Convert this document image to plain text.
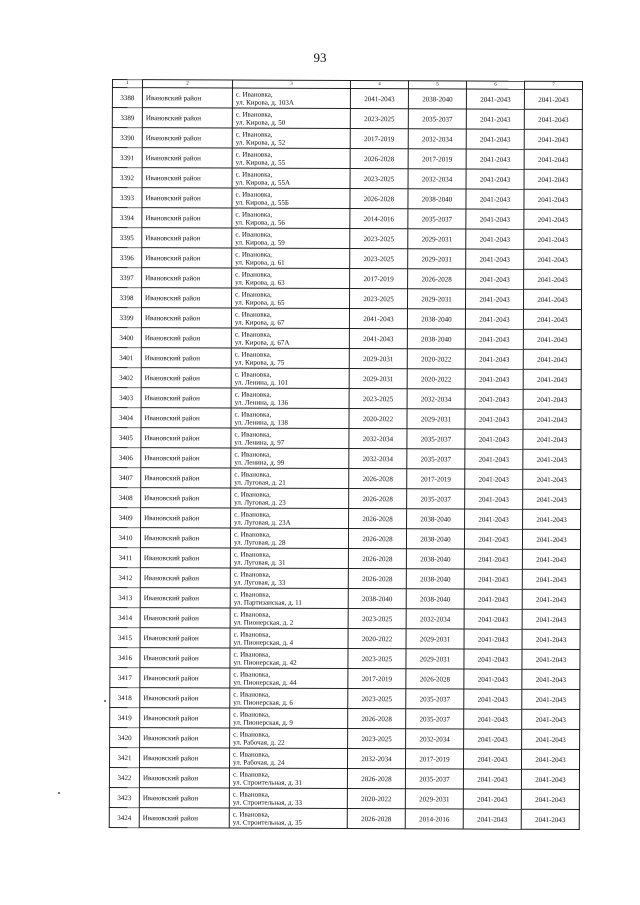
93
1	2	3	4	5	6	7
3388	Ивановский район	с. Ивановка,
ул. Кирова, д. 103А	2041-2043	2038-2040	2041-2043	2041-2043
3389	Ивановский район	с. Ивановка,
ул. Кирова, д. 50	2023-2025	2035-2037	2041-2043	2041-2043
3390	Ивановский район	с. Ивановка,
ул. Кирова, д. 52	2017-2019	2032-2034	2041-2043	2041-2043
3391	Ивановский район	с. Ивановка,
ул. Кирова, д. 55	2026-2028	2017-2019	2041-2043	2041-2043
3392	Ивановский район	с. Ивановка,
ул. Кирова, д. 55А	2023-2025	2032-2034	2041-2043	2041-2043
3393	Ивановский район	с. Ивановка,
ул. Кирова, д. 55Б	2026-2028	2038-2040	2041-2043	2041-2043
3394	Ивановский район	с. Ивановка,
ул. Кирова, д. 56	2014-2016	2035-2037	2041-2043	2041-2043
3395	Ивановский район	с. Ивановка,
ул. Кирова, д. 59	2023-2025	2029-2031	2041-2043	2041-2043
3396	Ивановский район	с. Ивановка,
ул. Кирова, д. 61	2023-2025	2029-2031	2041-2043	2041-2043
3397	Ивановский район	с. Ивановка,
ул. Кирова, д. 63	2017-2019	2026-2028	2041-2043	2041-2043
3398	Ивановский район	с. Ивановка,
ул. Кирова, д. 65	2023-2025	2029-2031	2041-2043	2041-2043
3399	Ивановский район	с. Ивановка,
ул. Кирова, д. 67	2041-2043	2038-2040	2041-2043	2041-2043
3400	Ивановский район	с. Ивановка,
ул. Кирова, д. 67А	2041-2043	2038-2040	2041-2043	2041-2043
3401	Ивановский район	с. Ивановка,
ул. Кирова, д. 75	2029-2031	2020-2022	2041-2043	2041-2043
3402	Ивановский район	с. Ивановка,
ул. Ленина, д. 101	2029-2031	2020-2022	2041-2043	2041-2043
3403	Ивановский район	с. Ивановка,
ул. Ленина, д. 136	2023-2025	2032-2034	2041-2043	2041-2043
3404	Ивановский район	с. Ивановка,
ул. Ленина, д. 138	2020-2022	2029-2031	2041-2043	2041-2043
3405	Ивановский район	с. Ивановка,
ул. Ленина, д. 97	2032-2034	2035-2037	2041-2043	2041-2043
3406	Ивановский район	с. Ивановка,
ул. Ленина, д. 99	2032-2034	2035-2037	2041-2043	2041-2043
3407	Ивановский район	с. Ивановка,
ул. Луговая, д. 21	2026-2028	2017-2019	2041-2043	2041-2043
3408	Ивановский район	с. Ивановка,
ул. Луговая, д. 23	2026-2028	2035-2037	2041-2043	2041-2043
3409	Ивановский район	с. Ивановка,
ул. Луговая, д. 23А	2026-2028	2038-2040	2041-2043	2041-2043
3410	Ивановский район	с. Ивановка,
ул. Луговая, д. 28	2026-2028	2038-2040	2041-2043	2041-2043
3411	Ивановский район	с. Ивановка,
ул. Луговая, д. 31	2026-2028	2038-2040	2041-2043	2041-2043
3412	Ивановский район	с. Ивановка,
ул. Луговая, д. 33	2026-2028	2038-2040	2041-2043	2041-2043
3413	Ивановский район	с. Ивановка,
ул. Партизанская, д. 11	2038-2040	2038-2040	2041-2043	2041-2043
3414	Ивановский район	с. Ивановка,
ул. Пионерская, д. 2	2023-2025	2032-2034	2041-2043	2041-2043
3415	Ивановский район	с. Ивановка,
ул. Пионерская, д. 4	2020-2022	2029-2031	2041-2043	2041-2043
3416	Ивановский район	с. Ивановка,
ул. Пионерская, д. 42	2023-2025	2029-2031	2041-2043	2041-2043
3417	Ивановский район	с. Ивановка,
ул. Пионерская, д. 44	2017-2019	2026-2028	2041-2043	2041-2043
3418	Ивановский район	с. Ивановка,
ул. Пионерская, д. 6	2023-2025	2035-2037	2041-2043	2041-2043
3419	Ивановский район	с. Ивановка,
ул. Пионерская, д. 9	2026-2028	2035-2037	2041-2043	2041-2043
3420	Ивановский район	с. Ивановка,
ул. Рабочая, д. 22	2023-2025	2032-2034	2041-2043	2041-2043
3421	Ивановский район	с. Ивановка,
ул. Рабочая, д. 24	2032-2034	2017-2019	2041-2043	2041-2043
3422	Ивановский район	с. Ивановка,
ул. Строительная, д. 31	2026-2028	2035-2037	2041-2043	2041-2043
3423	Ивановский район	с. Ивановка,
ул. Строительная, д. 33	2020-2022	2029-2031	2041-2043	2041-2043
3424	Ивановский район	с. Ивановка,
ул. Строительная, д. 35	2026-2028	2014-2016	2041-2043	2041-2043
